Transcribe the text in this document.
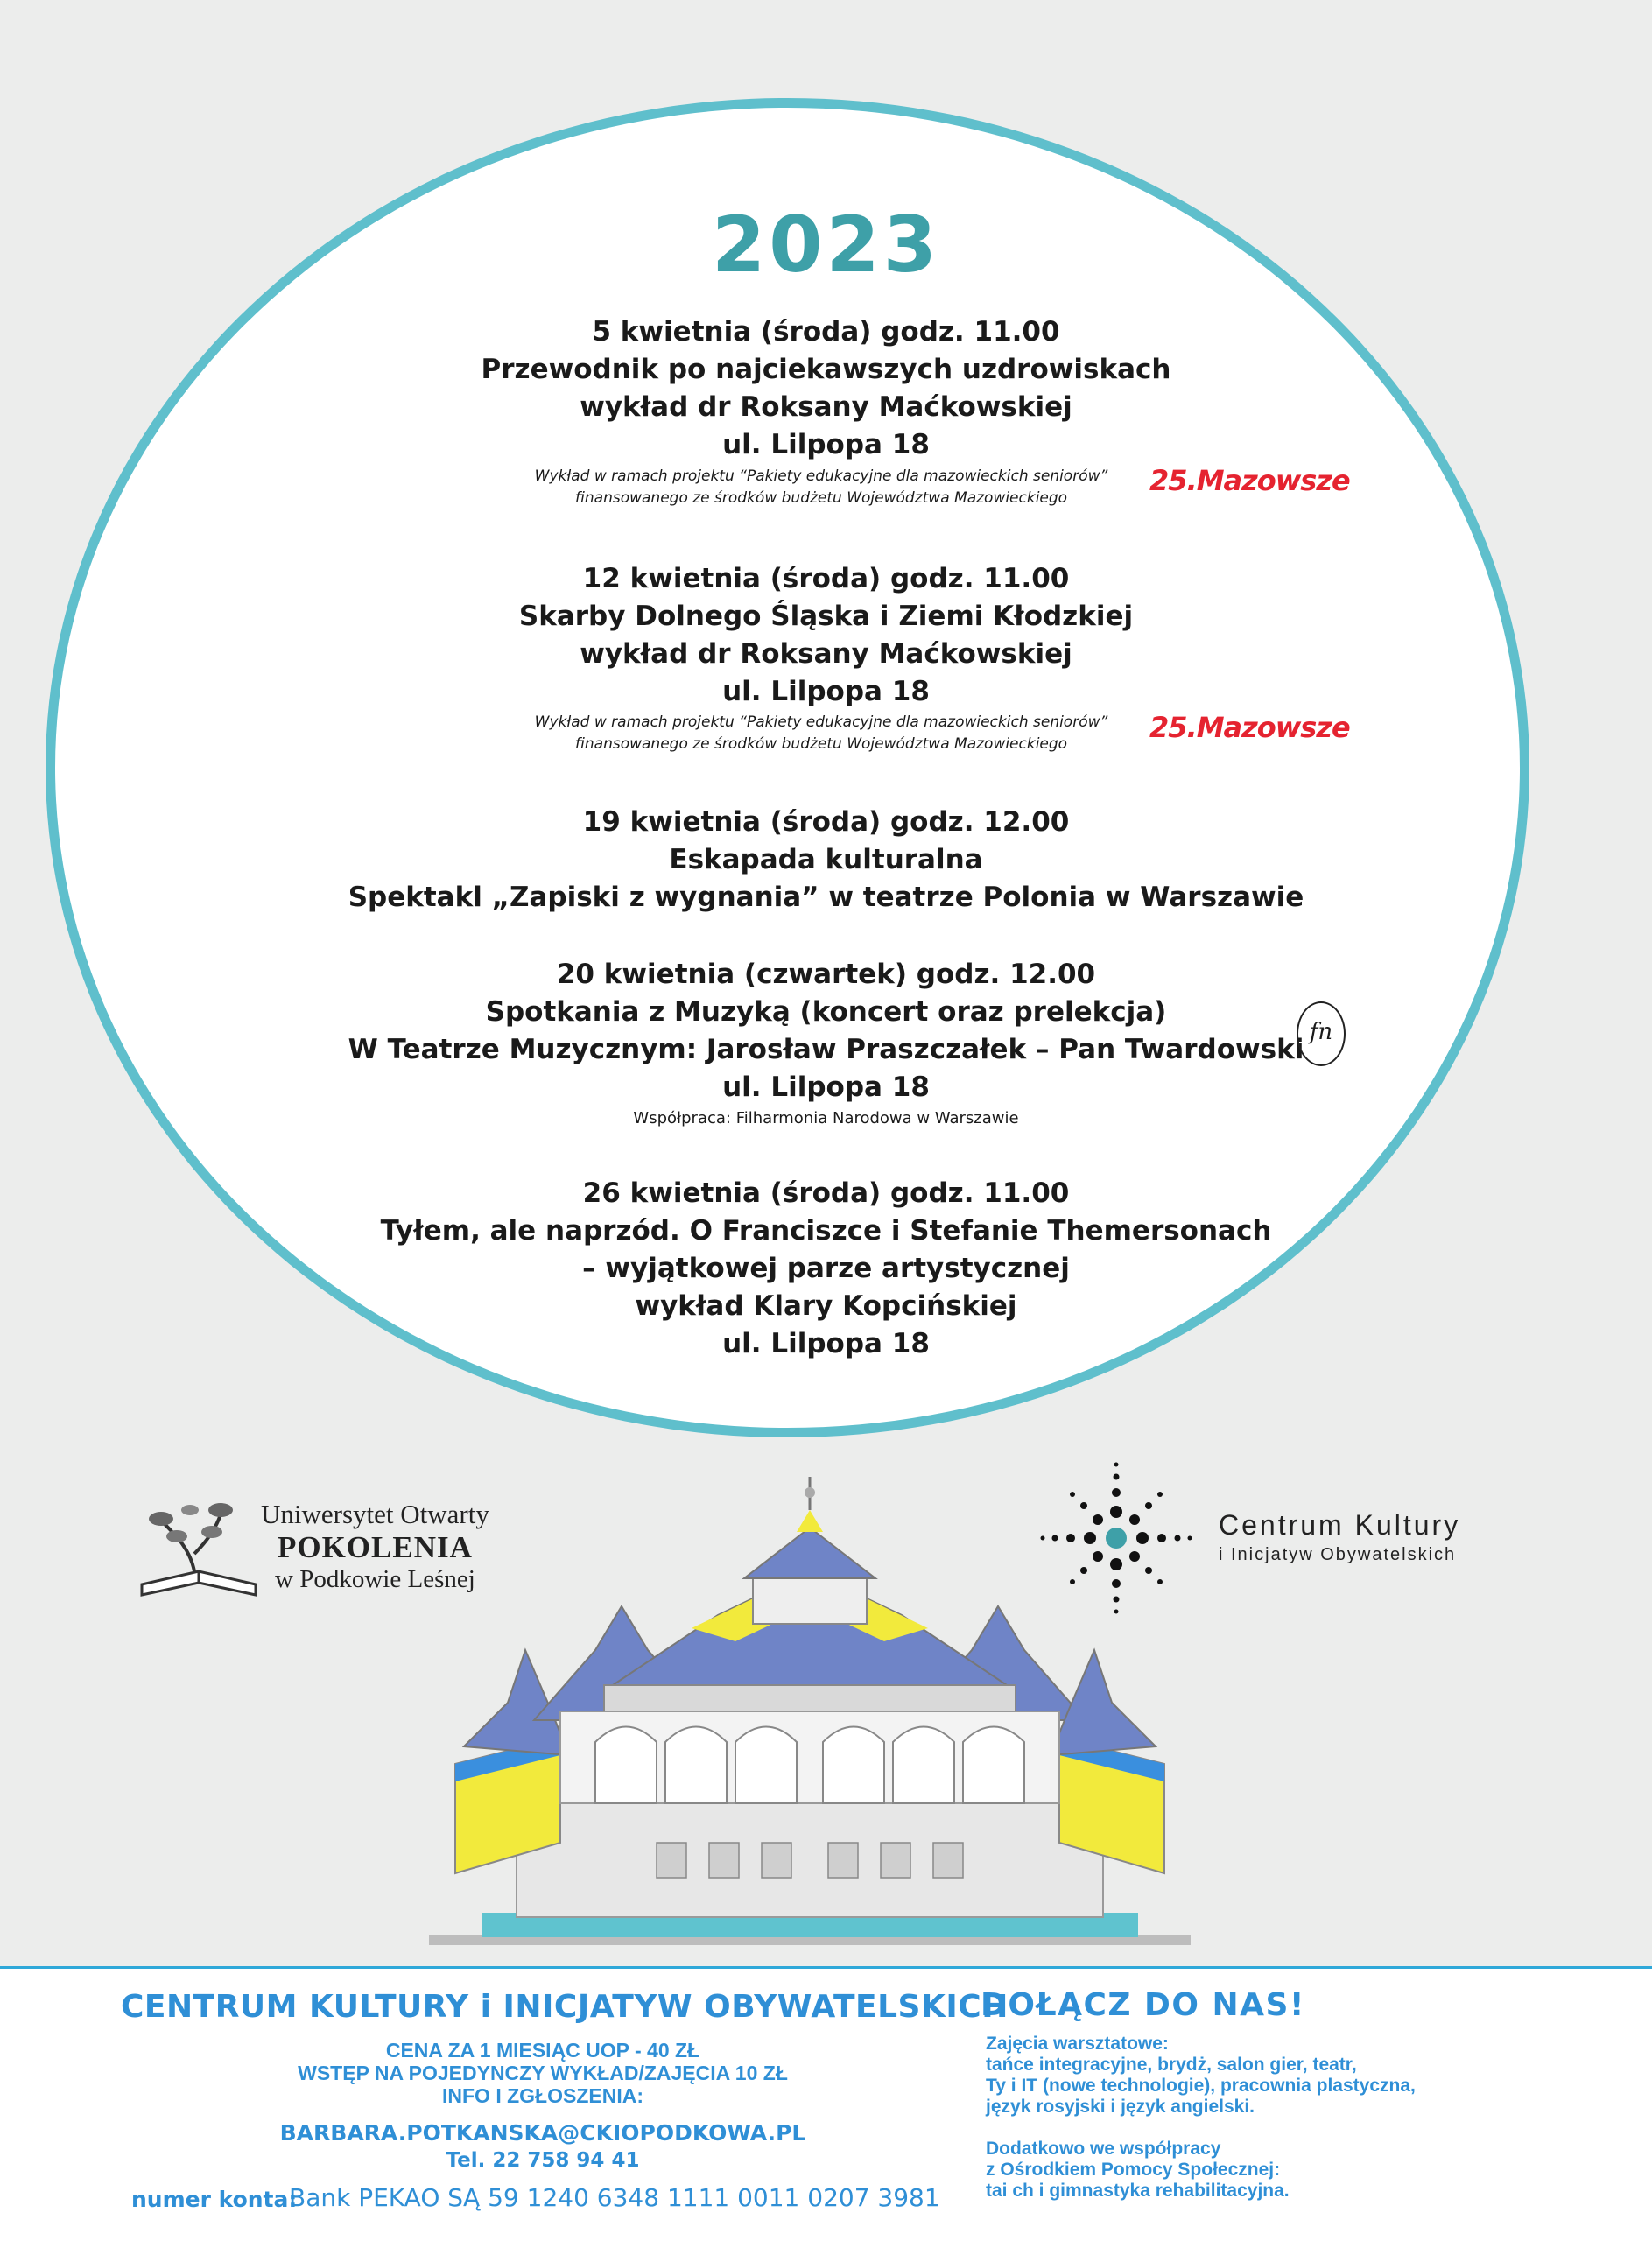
2023
5 kwietnia (środa) godz. 11.00
Przewodnik po najciekawszych uzdrowiskach
wykład dr Roksany Maćkowskiej
ul. Lilpopa 18
Wykład w ramach projektu “Pakiety edukacyjne dla mazowieckich seniorów”
finansowanego ze środków budżetu Województwa Mazowieckiego
25.Mazowsze
12 kwietnia (środa) godz. 11.00
Skarby Dolnego Śląska i Ziemi Kłodzkiej
wykład dr Roksany Maćkowskiej
ul. Lilpopa 18
Wykład w ramach projektu “Pakiety edukacyjne dla mazowieckich seniorów”
finansowanego ze środków budżetu Województwa Mazowieckiego	25.Mazowsze
19 kwietnia (środa) godz. 12.00
Eskapada kulturalna
Spektakl „Zapiski z wygnania” w teatrze Polonia w Warszawie
20 kwietnia (czwartek) godz. 12.00
Spotkania z Muzyką (koncert oraz prelekcja)
W Teatrze Muzycznym: Jarosław Praszczałek – Pan Twardowski
ul. Lilpopa 18
Współpraca: Filharmonia Narodowa w Warszawie
fn
26 kwietnia (środa) godz. 11.00
Tyłem, ale naprzód. O Franciszce i Stefanie Themersonach
– wyjątkowej parze artystycznej
wykład Klary Kopcińskiej
ul. Lilpopa 18
Uniwersytet Otwarty
POKOLENIA
w Podkowie Leśnej
Centrum Kultury
i Inicjatyw Obywatelskich
CENTRUM KULTURY i INICJATYW OBYWATELSKICH
DOŁĄCZ DO NAS!
CENA ZA 1 MIESIĄC UOP - 40 ZŁ
WSTĘP NA POJEDYNCZY WYKŁAD/ZAJĘCIA 10 ZŁ
INFO I ZGŁOSZENIA:
BARBARA.POTKANSKA@CKIOPODKOWA.PL
Tel. 22 758 94 41
numer konta:
Bank PEKAO SĄ 59 1240 6348 1111 0011 0207 3981
Zajęcia warsztatowe:
tańce integracyjne, brydż, salon gier, teatr,
Ty i IT (nowe technologie), pracownia plastyczna,
język rosyjski i język angielski.
Dodatkowo we współpracy
z Ośrodkiem Pomocy Społecznej:
tai ch i gimnastyka rehabilitacyjna.
